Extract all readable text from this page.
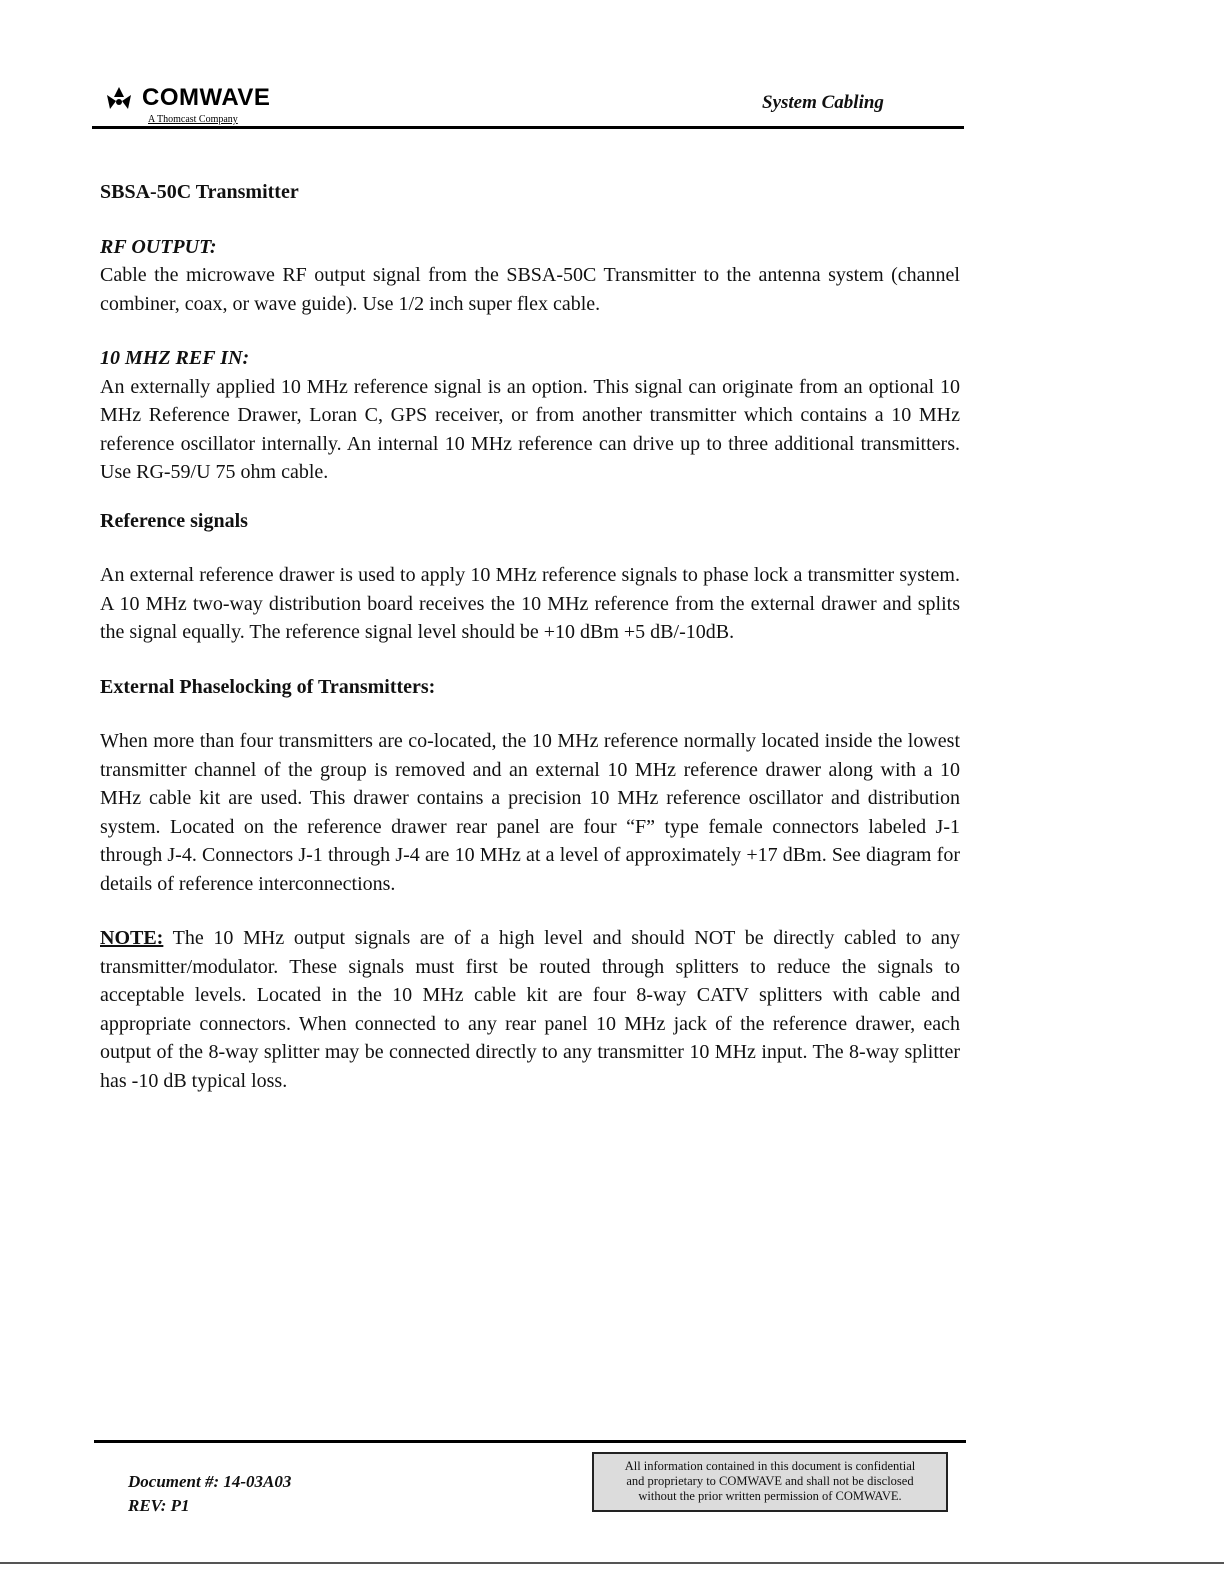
COMWAVE
A Thomcast Company
System Cabling

SBSA-50C Transmitter

RF OUTPUT:

Cable the microwave RF output signal from the SBSA-50C Transmitter to the antenna system (channel combiner, coax, or wave guide). Use 1/2 inch super flex cable.

10 MHZ REF IN:

An externally applied 10 MHz reference signal is an option. This signal can originate from an optional 10 MHz Reference Drawer, Loran C, GPS receiver, or from another transmitter which contains a 10 MHz reference oscillator internally. An internal 10 MHz reference can drive up to three additional transmitters. Use RG-59/U 75 ohm cable.

Reference signals

An external reference drawer is used to apply 10 MHz reference signals to phase lock a transmitter system. A 10 MHz two-way distribution board receives the 10 MHz reference from the external drawer and splits the signal equally. The reference signal level should be +10 dBm +5 dB/-10dB.

External Phaselocking of Transmitters:

When more than four transmitters are co-located, the 10 MHz reference normally located inside the lowest transmitter channel of the group is removed and an external 10 MHz reference drawer along with a 10 MHz cable kit are used. This drawer contains a precision 10 MHz reference oscillator and distribution system. Located on the reference drawer rear panel are four “F” type female connectors labeled J-1 through J-4. Connectors J-1 through J-4 are 10 MHz at a level of approximately +17 dBm. See diagram for details of reference interconnections.

NOTE: The 10 MHz output signals are of a high level and should NOT be directly cabled to any transmitter/modulator. These signals must first be routed through splitters to reduce the signals to acceptable levels. Located in the 10 MHz cable kit are four 8-way CATV splitters with cable and appropriate connectors. When connected to any rear panel 10 MHz jack of the reference drawer, each output of the 8-way splitter may be connected directly to any transmitter 10 MHz input. The 8-way splitter has -10 dB typical loss.

Document #: 14-03A03
REV: P1
All information contained in this document is confidential
and proprietary to COMWAVE and shall not be disclosed
without the prior written permission of COMWAVE.
